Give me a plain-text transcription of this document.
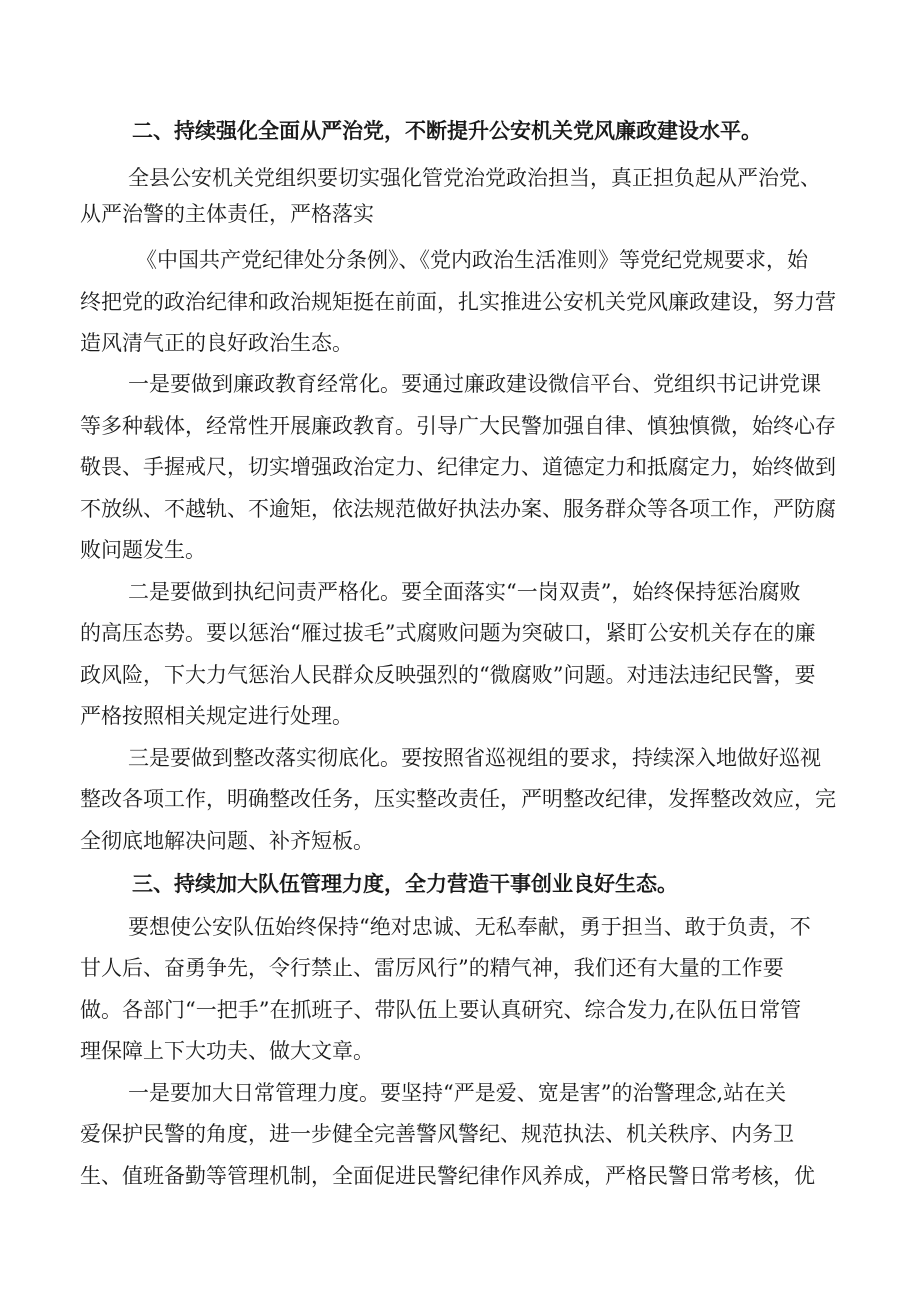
二、持续强化全面从严治党，不断提升公安机关党风廉政建设水平。

全县公安机关党组织要切实强化管党治党政治担当，真正担负起从严治党、

从严治警的主体责任，严格落实

《中国共产党纪律处分条例》、《党内政治生活准则》等党纪党规要求，始

终把党的政治纪律和政治规矩挺在前面，扎实推进公安机关党风廉政建设，努力营

造风清气正的良好政治生态。

一是要做到廉政教育经常化。要通过廉政建设微信平台、党组织书记讲党课

等多种载体，经常性开展廉政教育。引导广大民警加强自律、慎独慎微，始终心存

敬畏、手握戒尺，切实增强政治定力、纪律定力、道德定力和抵腐定力，始终做到

不放纵、不越轨、不逾矩，依法规范做好执法办案、服务群众等各项工作，严防腐

败问题发生。

二是要做到执纪问责严格化。要全面落实“一岗双责”，始终保持惩治腐败

的高压态势。要以惩治“雁过拔毛”式腐败问题为突破口，紧盯公安机关存在的廉

政风险，下大力气惩治人民群众反映强烈的“微腐败”问题。对违法违纪民警，要

严格按照相关规定进行处理。

三是要做到整改落实彻底化。要按照省巡视组的要求，持续深入地做好巡视

整改各项工作，明确整改任务，压实整改责任，严明整改纪律，发挥整改效应，完

全彻底地解决问题、补齐短板。

三、持续加大队伍管理力度，全力营造干事创业良好生态。

要想使公安队伍始终保持“绝对忠诚、无私奉献，勇于担当、敢于负责，不

甘人后、奋勇争先，令行禁止、雷厉风行”的精气神，我们还有大量的工作要

做。各部门“一把手”在抓班子、带队伍上要认真研究、综合发力,在队伍日常管

理保障上下大功夫、做大文章。

一是要加大日常管理力度。要坚持“严是爱、宽是害”的治警理念,站在关

爱保护民警的角度，进一步健全完善警风警纪、规范执法、机关秩序、内务卫

生、值班备勤等管理机制，全面促进民警纪律作风养成，严格民警日常考核，优
